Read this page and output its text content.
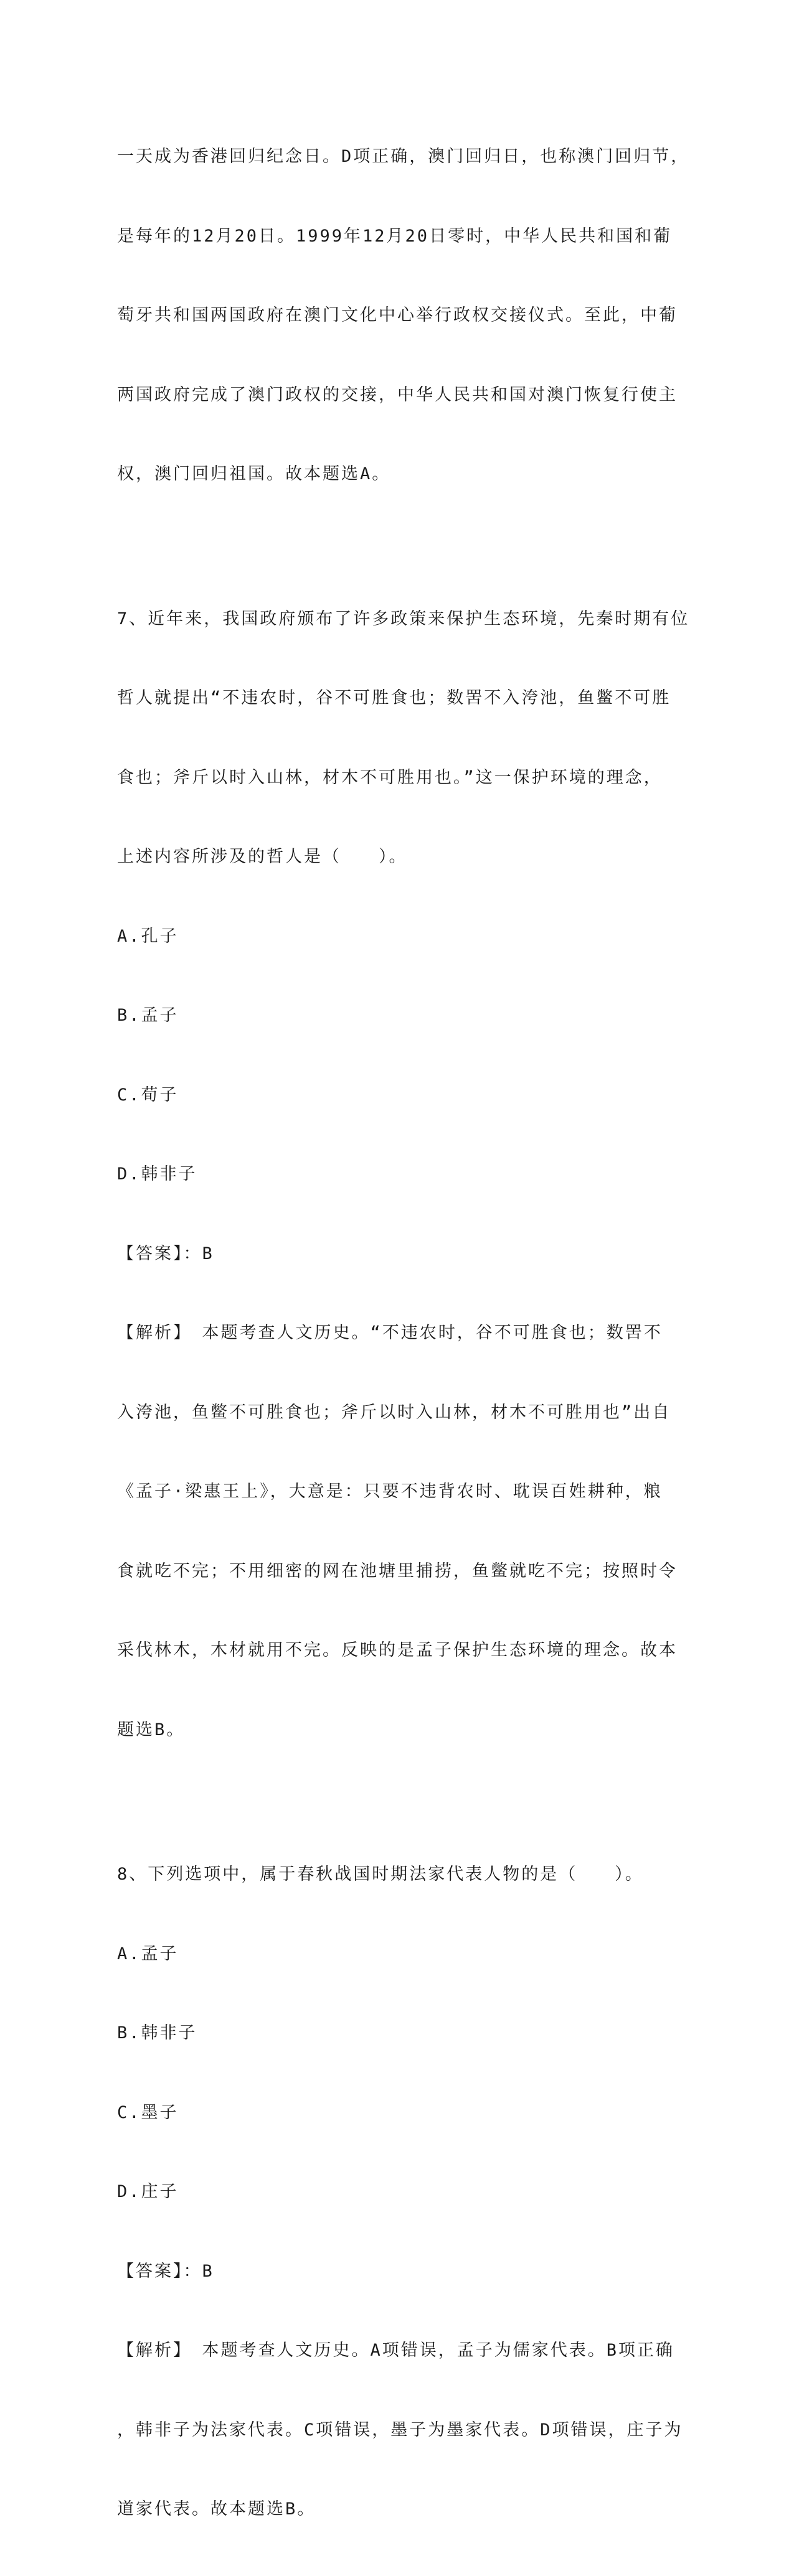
一天成为香港回归纪念日。D项正确，澳门回归日，也称澳门回归节，

是每年的12月20日。1999年12月20日零时，中华人民共和国和葡

萄牙共和国两国政府在澳门文化中心举行政权交接仪式。至此，中葡

两国政府完成了澳门政权的交接，中华人民共和国对澳门恢复行使主

权，澳门回归祖国。故本题选A。

7、近年来，我国政府颁布了许多政策来保护生态环境，先秦时期有位

哲人就提出“不违农时，谷不可胜食也；数罟不入洿池，鱼鳖不可胜

食也；斧斤以时入山林，材木不可胜用也。”这一保护环境的理念，

上述内容所涉及的哲人是（　　）。

A.孔子

B.孟子

C.荀子

D.韩非子

【答案】：B

【解析】　本题考查人文历史。“不违农时，谷不可胜食也；数罟不

入洿池，鱼鳖不可胜食也；斧斤以时入山林，材木不可胜用也”出自

《孟子·梁惠王上》，大意是：只要不违背农时、耽误百姓耕种，粮

食就吃不完；不用细密的网在池塘里捕捞，鱼鳖就吃不完；按照时令

采伐林木，木材就用不完。反映的是孟子保护生态环境的理念。故本

题选B。

8、下列选项中，属于春秋战国时期法家代表人物的是（　　）。

A.孟子

B.韩非子

C.墨子

D.庄子

【答案】：B

【解析】　本题考查人文历史。A项错误，孟子为儒家代表。B项正确

，韩非子为法家代表。C项错误，墨子为墨家代表。D项错误，庄子为

道家代表。故本题选B。
